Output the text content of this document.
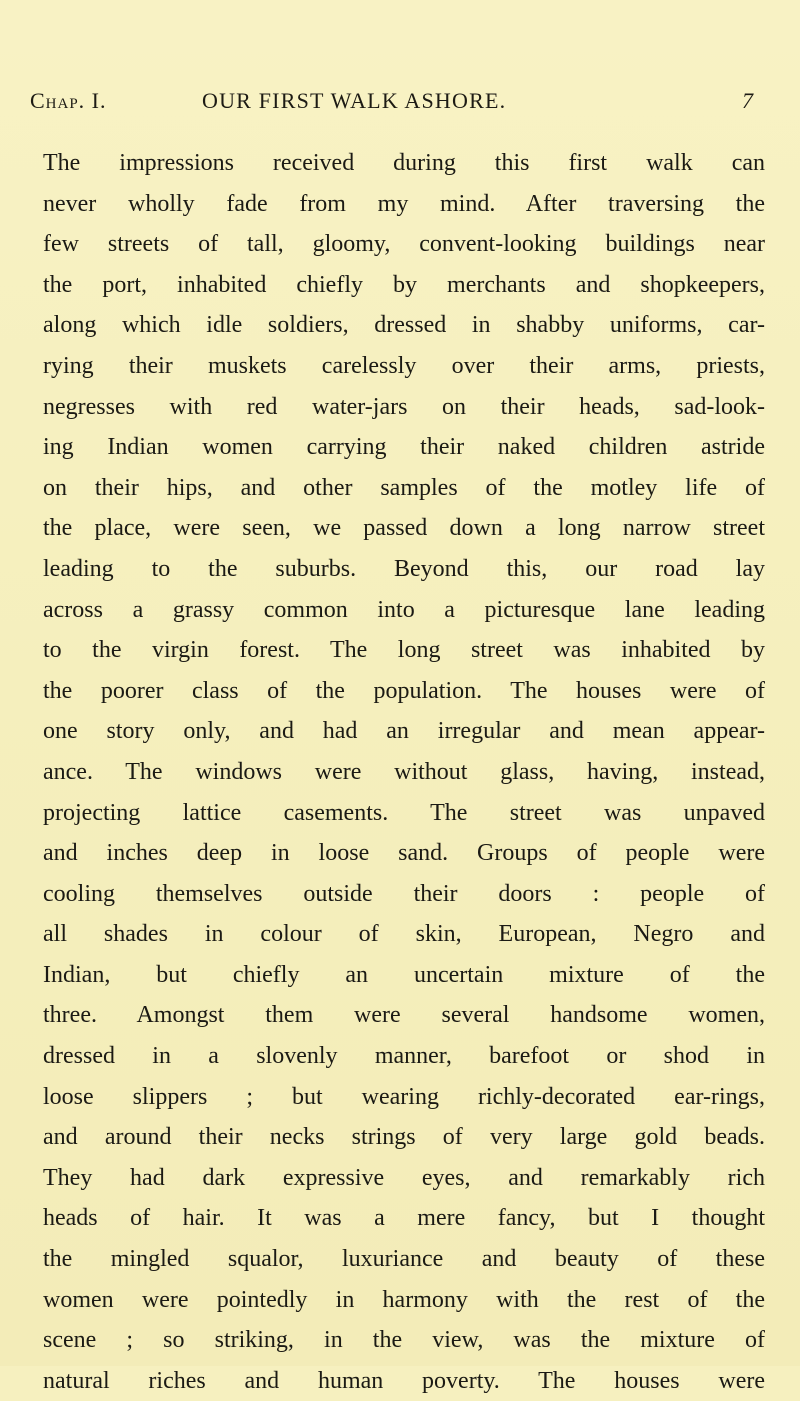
Chap. I.	OUR FIRST WALK ASHORE.	7
The impressions received during this first walk can
never wholly fade from my mind. After traversing the
few streets of tall, gloomy, convent-looking buildings near
the port, inhabited chiefly by merchants and shopkeepers,
along which idle soldiers, dressed in shabby uniforms, car-
rying their muskets carelessly over their arms, priests,
negresses with red water-jars on their heads, sad-look-
ing Indian women carrying their naked children astride
on their hips, and other samples of the motley life of
the place, were seen, we passed down a long narrow street
leading to the suburbs. Beyond this, our road lay
across a grassy common into a picturesque lane leading
to the virgin forest. The long street was inhabited by
the poorer class of the population. The houses were of
one story only, and had an irregular and mean appear-
ance. The windows were without glass, having, instead,
projecting lattice casements. The street was unpaved
and inches deep in loose sand. Groups of people were
cooling themselves outside their doors : people of
all shades in colour of skin, European, Negro and
Indian, but chiefly an uncertain mixture of the
three. Amongst them were several handsome women,
dressed in a slovenly manner, barefoot or shod in
loose slippers ; but wearing richly-decorated ear-rings,
and around their necks strings of very large gold beads.
They had dark expressive eyes, and remarkably rich
heads of hair. It was a mere fancy, but I thought
the mingled squalor, luxuriance and beauty of these
women were pointedly in harmony with the rest of the
scene ; so striking, in the view, was the mixture of
natural riches and human poverty. The houses were
